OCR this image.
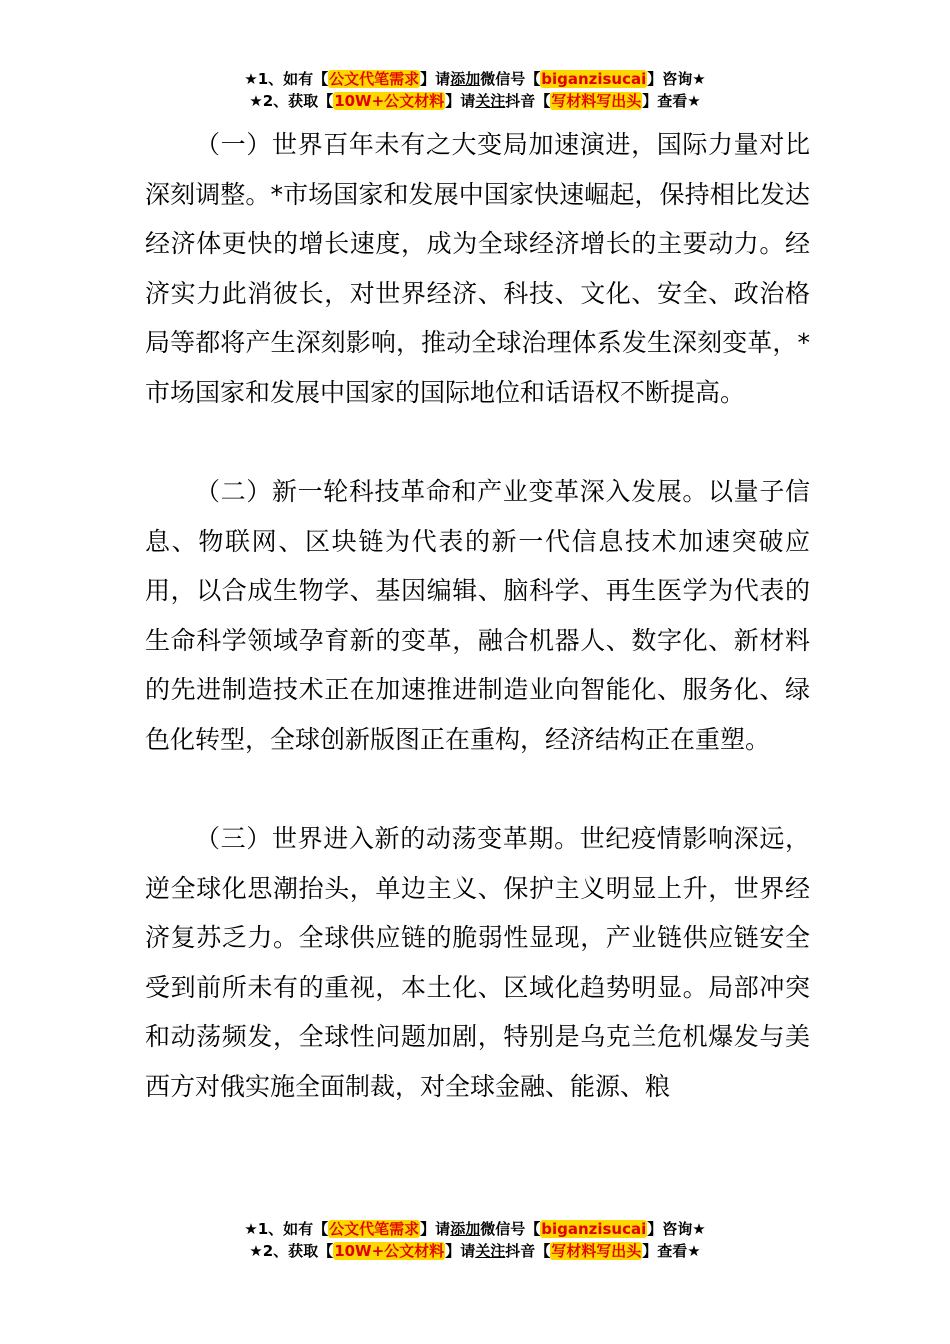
★1、如有【公文代笔需求】请添加微信号【biganzisucai】咨询★
★2、获取【10W+公文材料】请关注抖音【写材料写出头】查看★

（一）世界百年未有之大变局加速演进，国际力量对比深刻调整。*市场国家和发展中国家快速崛起，保持相比发达经济体更快的增长速度，成为全球经济增长的主要动力。经济实力此消彼长，对世界经济、科技、文化、安全、政治格局等都将产生深刻影响，推动全球治理体系发生深刻变革，*市场国家和发展中国家的国际地位和话语权不断提高。

（二）新一轮科技革命和产业变革深入发展。以量子信息、物联网、区块链为代表的新一代信息技术加速突破应用，以合成生物学、基因编辑、脑科学、再生医学为代表的生命科学领域孕育新的变革，融合机器人、数字化、新材料的先进制造技术正在加速推进制造业向智能化、服务化、绿色化转型，全球创新版图正在重构，经济结构正在重塑。

（三）世界进入新的动荡变革期。世纪疫情影响深远，逆全球化思潮抬头，单边主义、保护主义明显上升，世界经济复苏乏力。全球供应链的脆弱性显现，产业链供应链安全受到前所未有的重视，本土化、区域化趋势明显。局部冲突和动荡频发，全球性问题加剧，特别是乌克兰危机爆发与美西方对俄实施全面制裁，对全球金融、能源、粮

★1、如有【公文代笔需求】请添加微信号【biganzisucai】咨询★
★2、获取【10W+公文材料】请关注抖音【写材料写出头】查看★
